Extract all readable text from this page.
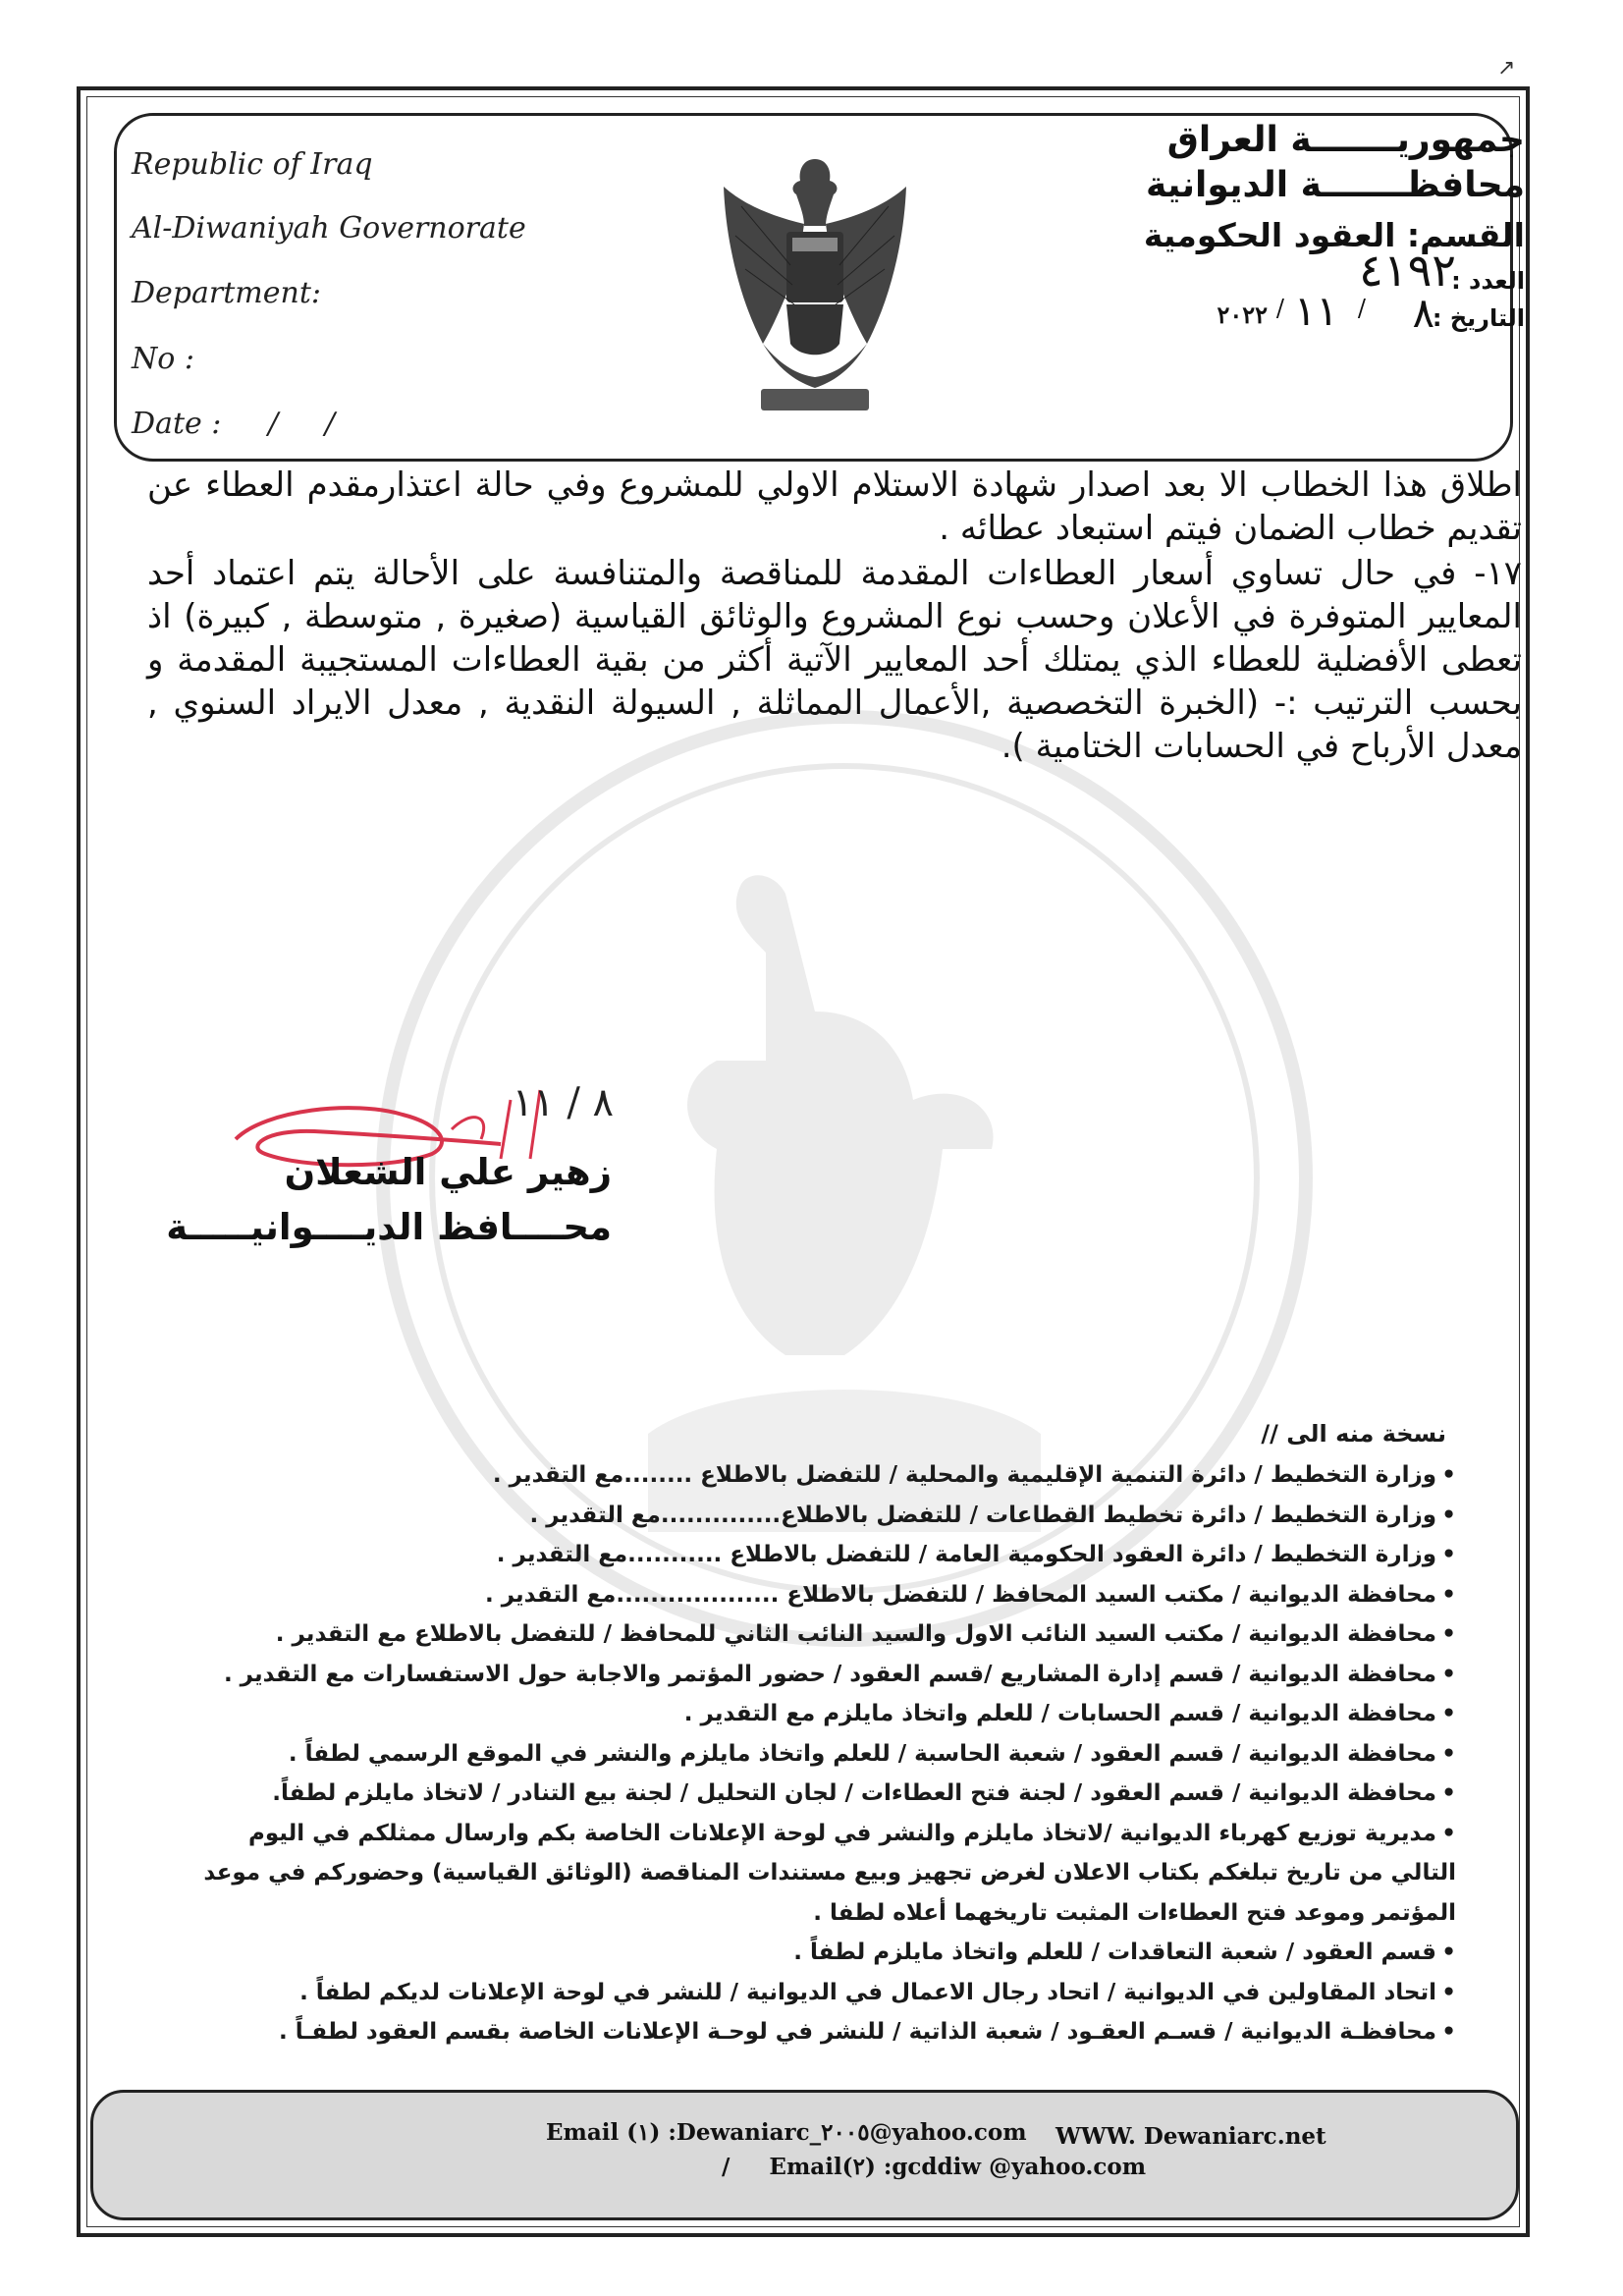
↗
Republic of Iraq
Al-Diwaniyah Governorate
Department:
No :
Date :     /     /
جمهوريـــــــة العراق
محافظـــــــة الديوانية
القسم: العقود الحكومية
العدد :
التاريخ :
٤١٩٢
٨
/
١١
/
٢٠٢٢
اطلاق هذا الخطاب الا بعد اصدار شهادة الاستلام الاولي للمشروع وفي حالة اعتذارمقدم العطاء عن تقديم خطاب الضمان فيتم استبعاد عطائه .
١٧- في حال تساوي أسعار العطاءات المقدمة للمناقصة والمتنافسة على الأحالة يتم اعتماد أحد المعايير المتوفرة في الأعلان وحسب نوع المشروع والوثائق القياسية (صغيرة , متوسطة , كبيرة) اذ تعطى الأفضلية للعطاء الذي يمتلك أحد المعايير الآتية أكثر من بقية العطاءات المستجيبة المقدمة و بحسب الترتيب :- (الخبرة التخصصية ,الأعمال المماثلة , السيولة النقدية , معدل الايراد السنوي , معدل الأرباح في الحسابات الختامية ).
٨ / ١١
زهير علي الشعلان
محــــافظ الديــــوانيـــــة
نسخة منه الى //
•وزارة التخطيط / دائرة التنمية الإقليمية والمحلية / للتفضل بالاطلاع ........مع التقدير .
•وزارة التخطيط / دائرة تخطيط القطاعات / للتفضل بالاطلاع..............مع التقدير .
•وزارة التخطيط / دائرة العقود الحكومية العامة / للتفضل بالاطلاع ...........مع التقدير .
•محافظة الديوانية / مكتب السيد المحافظ / للتفضل بالاطلاع ...................مع التقدير .
•محافظة الديوانية / مكتب السيد النائب الاول والسيد النائب الثاني للمحافظ / للتفضل بالاطلاع مع التقدير .
•محافظة الديوانية / قسم إدارة المشاريع /قسم العقود / حضور المؤتمر والاجابة حول الاستفسارات مع التقدير .
•محافظة الديوانية / قسم الحسابات / للعلم واتخاذ مايلزم مع التقدير .
•محافظة الديوانية / قسم العقود / شعبة الحاسبة / للعلم واتخاذ مايلزم والنشر في الموقع الرسمي لطفاً .
•محافظة الديوانية / قسم العقود / لجنة فتح العطاءات / لجان التحليل / لجنة بيع التنادر / لاتخاذ مايلزم لطفاً.
•مديرية توزيع كهرباء الديوانية /لاتخاذ مايلزم والنشر في لوحة الإعلانات الخاصة بكم وارسال ممثلكم في اليوم التالي من تاريخ تبلغكم بكتاب الاعلان لغرض تجهيز وبيع مستندات المناقصة (الوثائق القياسية) وحضوركم في موعد المؤتمر وموعد فتح العطاءات المثبت تاريخهما أعلاه لطفا .
•قسم العقود / شعبة التعاقدات / للعلم واتخاذ مايلزم لطفاً .
•اتحاد المقاولين في الديوانية / اتحاد رجال الاعمال في الديوانية / للنشر في لوحة الإعلانات لديكم لطفاً .
•محافظـة الديوانية / قسـم العقـود / شعبة الذاتية / للنشر في لوحـة الإعلانات الخاصة بقسم العقود لطفـاً .
Email (١) :Dewaniarc_٢٠٠٥@yahoo.com WWW. Dewaniarc.net
/     Email(٢) :gcddiw @yahoo.com
